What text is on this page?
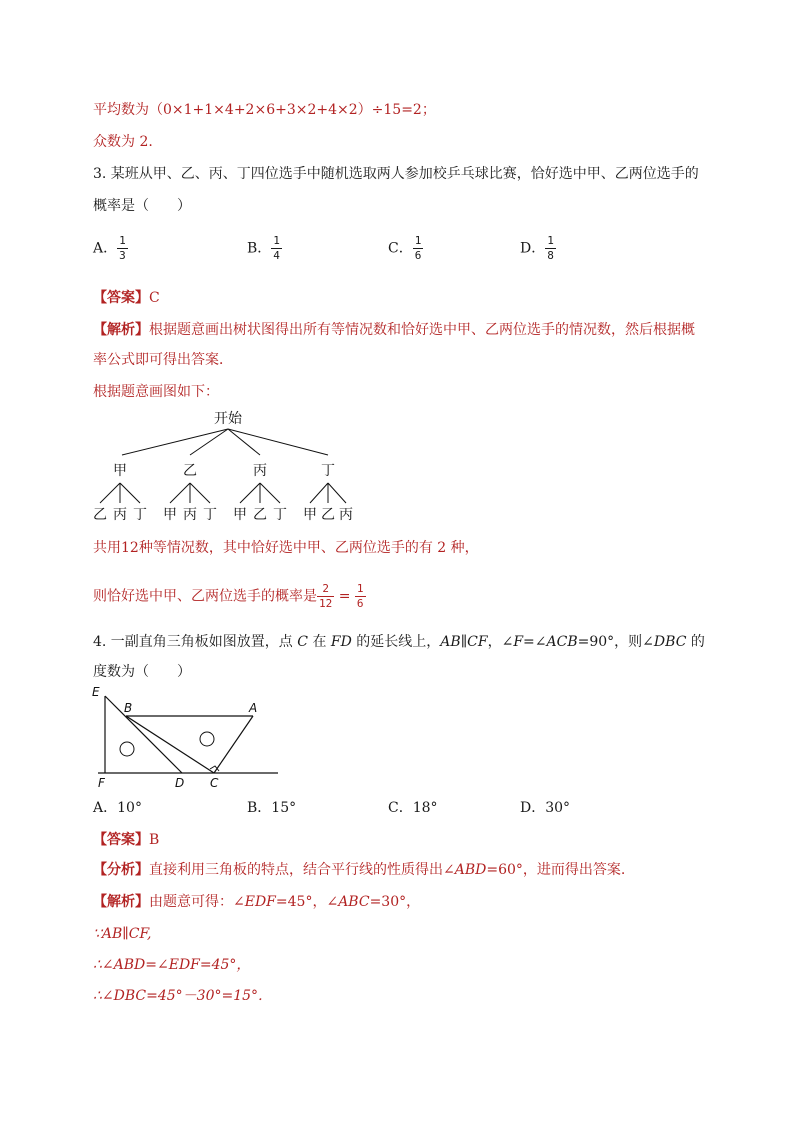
平均数为（0×1+1×4+2×6+3×2+4×2）÷15=2；
众数为 2.
3. 某班从甲、乙、丙、丁四位选手中随机选取两人参加校乒乓球比赛，恰好选中甲、乙两位选手的
概率是（　　）
A． $\frac{1}{3}$	B． $\frac{1}{4}$	C． $\frac{1}{6}$	D． $\frac{1}{8}$
【答案】C
【解析】根据题意画出树状图得出所有等情况数和恰好选中甲、乙两位选手的情况数，然后根据概
率公式即可得出答案．
根据题意画图如下：
开始
甲	乙	丙	丁
乙 丙 丁 甲 丙 丁 甲 乙 丁 甲 乙 丙
共用12种等情况数，其中恰好选中甲、乙两位选手的有 2 种，
则恰好选中甲、乙两位选手的概率是 $\frac{2}{12} = \frac{1}{6}$
4. 一副直角三角板如图放置，点 C 在 FD 的延长线上，AB∥CF，∠F=∠ACB=90°，则∠DBC 的
度数为（　　）
E
B	A
F	D C
A．10°	B．15°	C．18°	D．30°
【答案】B
【分析】直接利用三角板的特点，结合平行线的性质得出∠ABD=60°，进而得出答案.
【解析】由题意可得：∠EDF=45°，∠ABC=30°，
∵AB∥CF,
∴∠ABD=∠EDF=45°，
∴∠DBC=45°－30°=15°．
